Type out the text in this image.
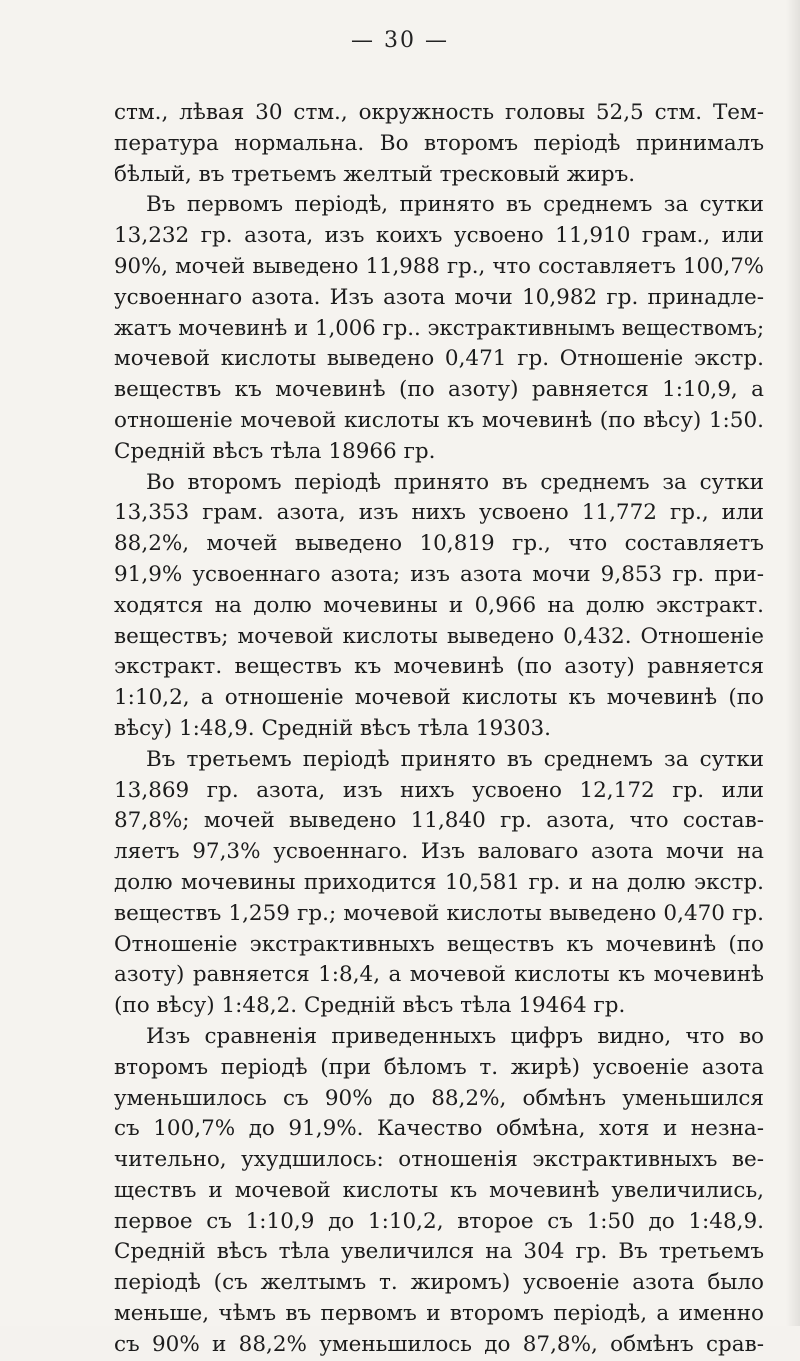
— 30 —
стм., лѣвая 30 стм., окружность головы 52,5 стм. Тем-
пература нормальна. Во второмъ періодѣ принималъ
бѣлый, въ третьемъ желтый тресковый жиръ.
Въ первомъ періодѣ, принято въ среднемъ за сутки
13,232 гр. азота, изъ коихъ усвоено 11,910 грам., или
90%, мочей выведено 11,988 гр., что составляетъ 100,7%
усвоеннаго азота. Изъ азота мочи 10,982 гр. принадле-
жатъ мочевинѣ и 1,006 гр.. экстрактивнымъ веществомъ;
мочевой кислоты выведено 0,471 гр. Отношеніе экстр.
веществъ къ мочевинѣ (по азоту) равняется 1:10,9, а
отношеніе мочевой кислоты къ мочевинѣ (по вѣсу) 1:50.
Средній вѣсъ тѣла 18966 гр.
Во второмъ періодѣ принято въ среднемъ за сутки
13,353 грам. азота, изъ нихъ усвоено 11,772 гр., или
88,2%, мочей выведено 10,819 гр., что составляетъ
91,9% усвоеннаго азота; изъ азота мочи 9,853 гр. при-
ходятся на долю мочевины и 0,966 на долю экстракт.
веществъ; мочевой кислоты выведено 0,432. Отношеніе
экстракт. веществъ къ мочевинѣ (по азоту) равняется
1:10,2, а отношеніе мочевой кислоты къ мочевинѣ (по
вѣсу) 1:48,9. Средній вѣсъ тѣла 19303.
Въ третьемъ періодѣ принято въ среднемъ за сутки
13,869 гр. азота, изъ нихъ усвоено 12,172 гр. или
87,8%; мочей выведено 11,840 гр. азота, что состав-
ляетъ 97,3% усвоеннаго. Изъ валоваго азота мочи на
долю мочевины приходится 10,581 гр. и на долю экстр.
веществъ 1,259 гр.; мочевой кислоты выведено 0,470 гр.
Отношеніе экстрактивныхъ веществъ къ мочевинѣ (по
азоту) равняется 1:8,4, а мочевой кислоты къ мочевинѣ
(по вѣсу) 1:48,2. Средній вѣсъ тѣла 19464 гр.
Изъ сравненія приведенныхъ цифръ видно, что во
второмъ періодѣ (при бѣломъ т. жирѣ) усвоеніе азота
уменьшилось съ 90% до 88,2%, обмѣнъ уменьшился
съ 100,7% до 91,9%. Качество обмѣна, хотя и незна-
чительно, ухудшилось: отношенія экстрактивныхъ ве-
ществъ и мочевой кислоты къ мочевинѣ увеличились,
первое съ 1:10,9 до 1:10,2, второе съ 1:50 до 1:48,9.
Средній вѣсъ тѣла увеличился на 304 гр. Въ третьемъ
періодѣ (съ желтымъ т. жиромъ) усвоеніе азота было
меньше, чѣмъ въ первомъ и второмъ періодѣ, а именно
съ 90% и 88,2% уменьшилось до 87,8%, обмѣнъ срав-
